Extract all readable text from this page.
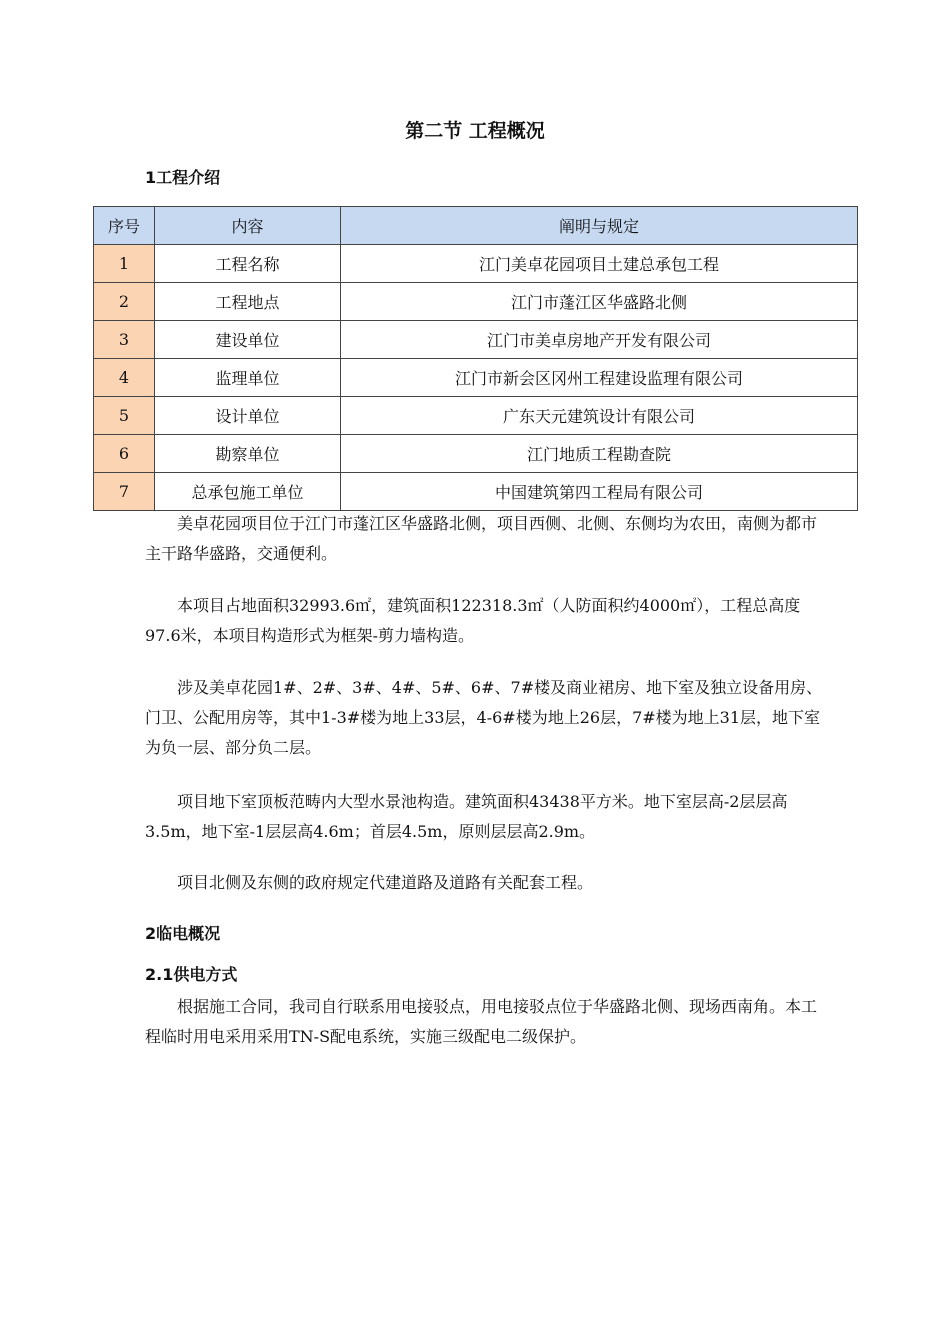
第二节 工程概况
1工程介绍
序号	内容	阐明与规定
1	工程名称	江门美卓花园项目土建总承包工程
2	工程地点	江门市蓬江区华盛路北侧
3	建设单位	江门市美卓房地产开发有限公司
4	监理单位	江门市新会区冈州工程建设监理有限公司
5	设计单位	广东天元建筑设计有限公司
6	勘察单位	江门地质工程勘查院
7	总承包施工单位	中国建筑第四工程局有限公司

美卓花园项目位于江门市蓬江区华盛路北侧，项目西侧、北侧、东侧均为农田，南侧为都市主干路华盛路，交通便利。

本项目占地面积32993.6㎡，建筑面积122318.3㎡（人防面积约4000㎡），工程总高度97.6米，本项目构造形式为框架-剪力墙构造。

涉及美卓花园1#、2#、3#、4#、5#、6#、7#楼及商业裙房、地下室及独立设备用房、门卫、公配用房等，其中1-3#楼为地上33层，4-6#楼为地上26层，7#楼为地上31层，地下室为负一层、部分负二层。

项目地下室顶板范畴内大型水景池构造。建筑面积43438平方米。地下室层高-2层层高3.5m，地下室-1层层高4.6m；首层4.5m，原则层层高2.9m。

项目北侧及东侧的政府规定代建道路及道路有关配套工程。

2临电概况
2.1供电方式

根据施工合同，我司自行联系用电接驳点，用电接驳点位于华盛路北侧、现场西南角。本工程临时用电采用采用TN-S配电系统，实施三级配电二级保护。
